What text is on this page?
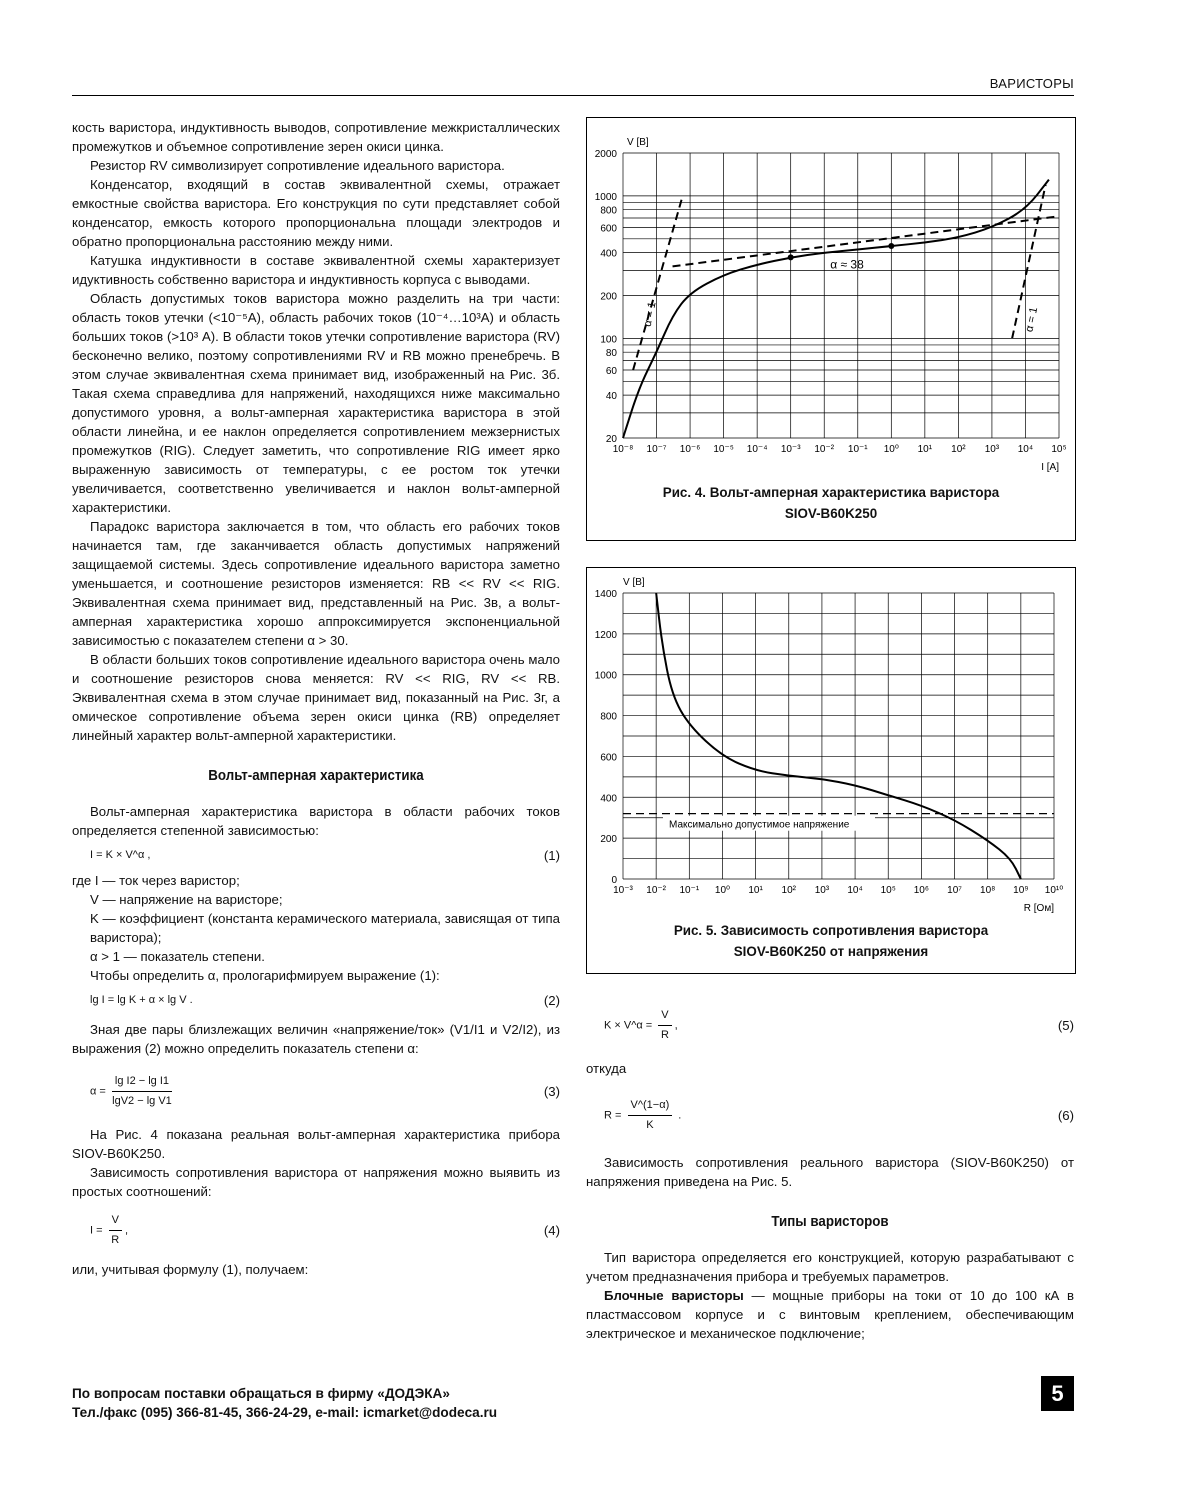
ВАРИСТОРЫ

кость варистора, индуктивность выводов, сопротивление межкристаллических промежутков и объемное сопротивление зерен окиси цинка.

Резистор RV символизирует сопротивление идеального варистора.

Конденсатор, входящий в состав эквивалентной схемы, отражает емкостные свойства варистора. Его конструкция по сути представляет собой конденсатор, емкость которого пропорциональна площади электродов и обратно пропорциональна расстоянию между ними.

Катушка индуктивности в составе эквивалентной схемы характеризует идуктивность собственно варистора и индуктивность корпуса с выводами.

Область допустимых токов варистора можно разделить на три части: область токов утечки (<10⁻⁵А), область рабочих токов (10⁻⁴…10³А) и область больших токов (>10³ А). В области токов утечки сопротивление варистора (RV) бесконечно велико, поэтому сопротивлениями RV и RB можно пренебречь. В этом случае эквивалентная схема принимает вид, изображенный на Рис. 3б. Такая схема справедлива для напряжений, находящихся ниже максимально допустимого уровня, а вольт-амперная характеристика варистора в этой области линейна, и ее наклон определяется сопротивлением межзернистых промежутков (RIG). Следует заметить, что сопротивление RIG имеет ярко выраженную зависимость от температуры, с ее ростом ток утечки увеличивается, соответственно увеличивается и наклон вольт-амперной характеристики.

Парадокс варистора заключается в том, что область его рабочих токов начинается там, где заканчивается область допустимых напряжений защищаемой системы. Здесь сопротивление идеального варистора заметно уменьшается, и соотношение резисторов изменяется: RB << RV << RIG. Эквивалентная схема принимает вид, представленный на Рис. 3в, а вольт-амперная характеристика хорошо аппроксимируется экспоненциальной зависимостью с показателем степени α > 30.

В области больших токов сопротивление идеального варистора очень мало и соотношение резисторов снова меняется: RV << RIG, RV << RB. Эквивалентная схема в этом случае принимает вид, показанный на Рис. 3г, а омическое сопротивление объема зерен окиси цинка (RB) определяет линейный характер вольт-амперной характеристики.

Вольт-амперная характеристика

Вольт-амперная характеристика варистора в области рабочих токов определяется степенной зависимостью:

I = K × V^α ,	(1)

где I — ток через варистор;

V — напряжение на варисторе;

K — коэффициент (константа керамического материала, зависящая от типа варистора);

α > 1 — показатель степени.

Чтобы определить α, прологарифмируем выражение (1):

lg I = lg K + α × lg V .	(2)

Зная две пары близлежащих величин «напряжение/ток» (V1/I1 и V2/I2), из выражения (2) можно определить показатель степени α:

$\alpha = \frac{\text{lg I2 − lg I1}}{\text{lgV2 − lg V1}}$	(3)

На Рис. 4 показана реальная вольт-амперная характеристика прибора SIOV-B60K250.

Зависимость сопротивления варистора от напряжения можно выявить из простых соотношений:

$I = \frac{V}{R}$ ,	(4)

или, учитывая формулу (1), получаем:

10⁻⁸ 10⁻⁷ 10⁻⁶ 10⁻⁵ 10⁻⁴ 10⁻³ 10⁻² 10⁻¹ 10⁰ 10¹ 10² 10³ 10⁴ 10⁵
20
40
60
80
100
200
400
600
800
1000
2000
V [В]
I [A]
α ≈ 38
α = 1	α = 1
Рис. 4. Вольт-амперная характеристика варистора
SIOV-B60K250
10⁻³ 10⁻² 10⁻¹ 10⁰ 10¹ 10² 10³ 10⁴ 10⁵ 10⁶ 10⁷ 10⁸ 10⁹ 10¹⁰
0
200
400
600
800
1000
1200
1400
V [В]
R [Ом]
Максимально допустимое напряжение
Рис. 5. Зависимость сопротивления варистора
SIOV-B60K250 от напряжения
K × V^α = $\frac{V}{R}$ ,	(5)

откуда

$R = \frac{V\^{}(1-\alpha)}{K}$ .	(6)

Зависимость сопротивления реального варистора (SIOV-B60K250) от напряжения приведена на Рис. 5.

Типы варисторов

Тип варистора определяется его конструкцией, которую разрабатывают с учетом предназначения прибора и требуемых параметров.

Блочные варисторы — мощные приборы на токи от 10 до 100 кА в пластмассовом корпусе и с винтовым креплением, обеспечивающим электрическое и механическое подключение;

По вопросам поставки обращаться в фирму «ДОДЭКА»
Тел./факс (095) 366-81-45, 366-24-29, e-mail: icmarket@dodeca.ru
5
